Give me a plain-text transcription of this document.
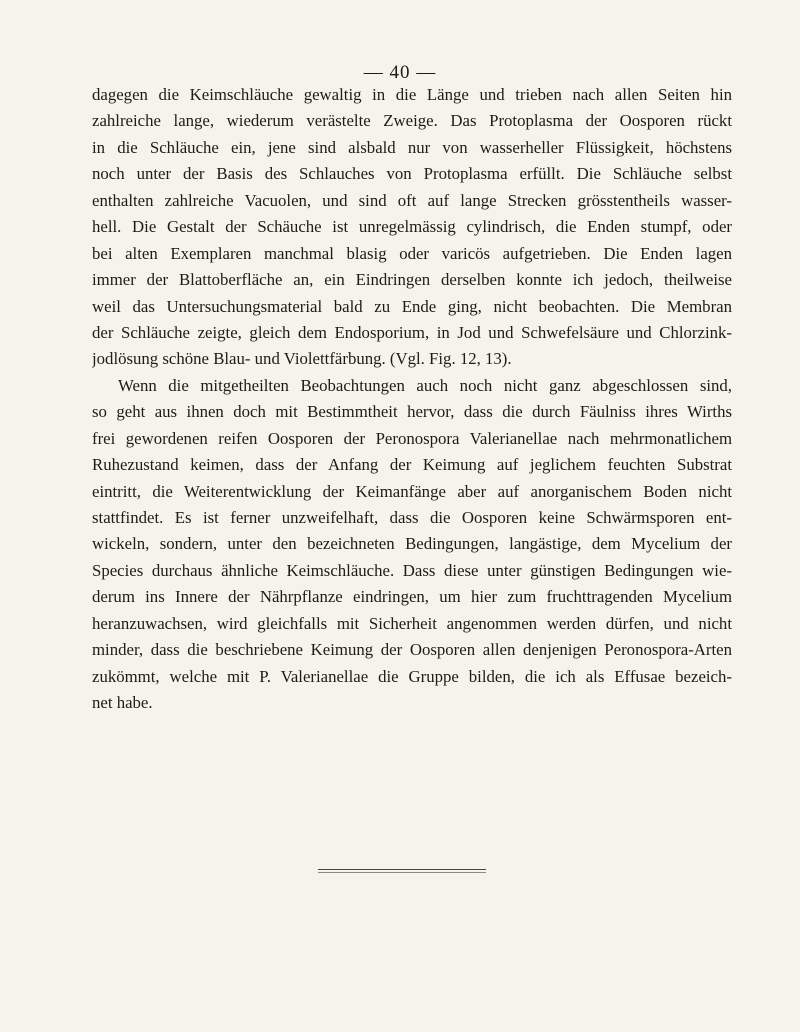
— 40 —
dagegen die Keimschläuche gewaltig in die Länge und trieben nach allen Seiten hin
zahlreiche lange, wiederum verästelte Zweige. Das Protoplasma der Oosporen rückt
in die Schläuche ein, jene sind alsbald nur von wasserheller Flüssigkeit, höchstens
noch unter der Basis des Schlauches von Protoplasma erfüllt. Die Schläuche selbst
enthalten zahlreiche Vacuolen, und sind oft auf lange Strecken grösstentheils wasser-
hell. Die Gestalt der Schäuche ist unregelmässig cylindrisch, die Enden stumpf, oder
bei alten Exemplaren manchmal blasig oder varicös aufgetrieben. Die Enden lagen
immer der Blattoberfläche an, ein Eindringen derselben konnte ich jedoch, theilweise
weil das Untersuchungsmaterial bald zu Ende ging, nicht beobachten. Die Membran
der Schläuche zeigte, gleich dem Endosporium, in Jod und Schwefelsäure und Chlorzink-
jodlösung schöne Blau- und Violettfärbung. (Vgl. Fig. 12, 13).
Wenn die mitgetheilten Beobachtungen auch noch nicht ganz abgeschlossen sind,
so geht aus ihnen doch mit Bestimmtheit hervor, dass die durch Fäulniss ihres Wirths
frei gewordenen reifen Oosporen der Peronospora Valerianellae nach mehrmonatlichem
Ruhezustand keimen, dass der Anfang der Keimung auf jeglichem feuchten Substrat
eintritt, die Weiterentwicklung der Keimanfänge aber auf anorganischem Boden nicht
stattfindet. Es ist ferner unzweifelhaft, dass die Oosporen keine Schwärmsporen ent-
wickeln, sondern, unter den bezeichneten Bedingungen, langästige, dem Mycelium der
Species durchaus ähnliche Keimschläuche. Dass diese unter günstigen Bedingungen wie-
derum ins Innere der Nährpflanze eindringen, um hier zum fruchttragenden Mycelium
heranzuwachsen, wird gleichfalls mit Sicherheit angenommen werden dürfen, und nicht
minder, dass die beschriebene Keimung der Oosporen allen denjenigen Peronospora-Arten
zukömmt, welche mit P. Valerianellae die Gruppe bilden, die ich als Effusae bezeich-
net habe.
